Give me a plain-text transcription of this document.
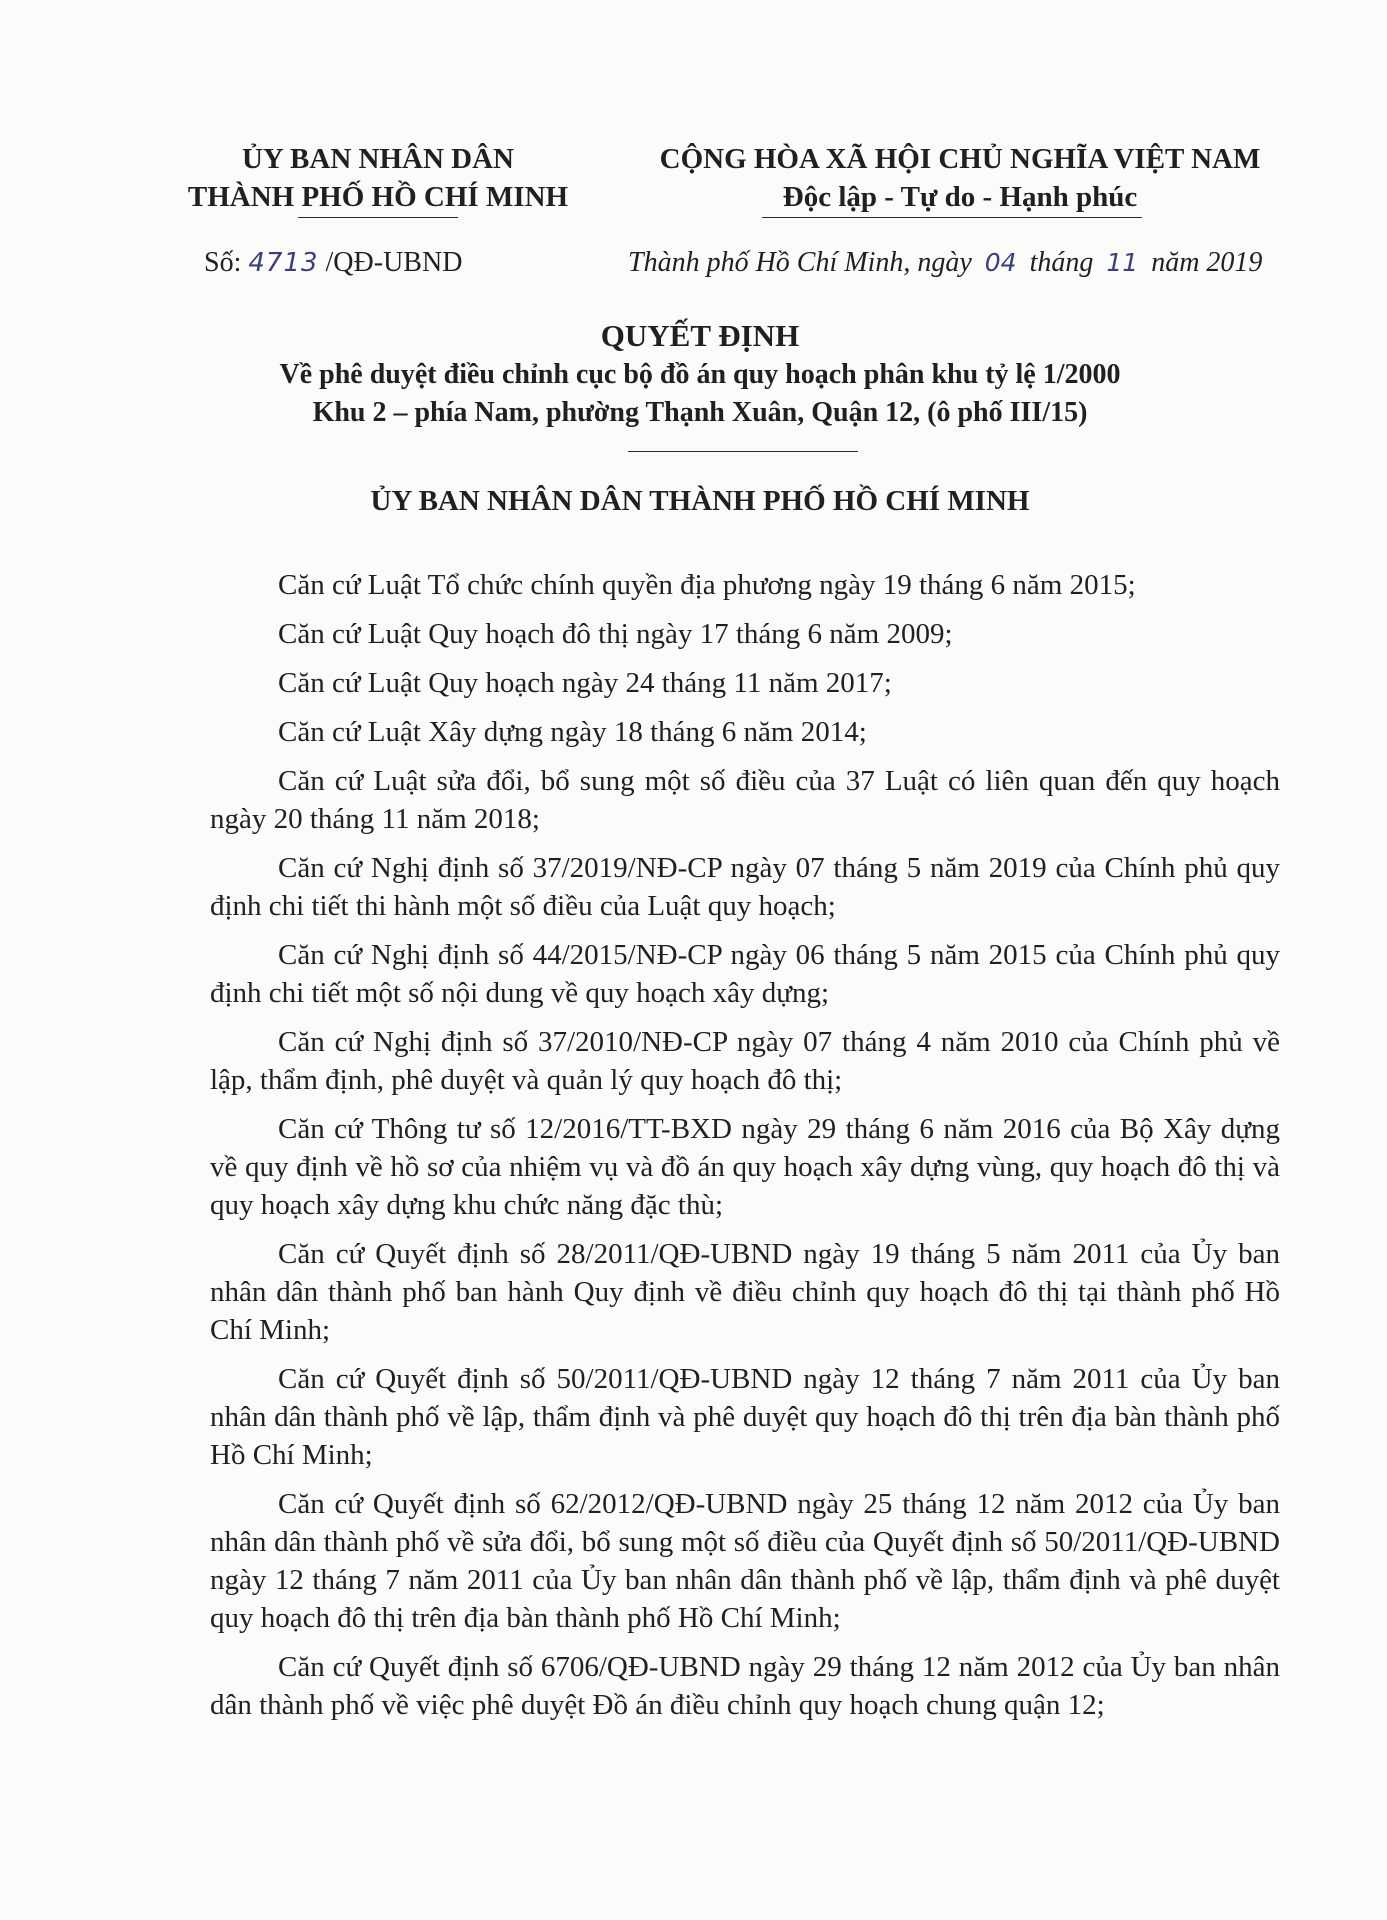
ỦY BAN NHÂN DÂN
THÀNH PHỐ HỒ CHÍ MINH
CỘNG HÒA XÃ HỘI CHỦ NGHĨA VIỆT NAM
Độc lập - Tự do - Hạnh phúc
Số: 4713 /QĐ-UBND	Thành phố Hồ Chí Minh, ngày 04 tháng 11 năm 2019
QUYẾT ĐỊNH
Về phê duyệt điều chỉnh cục bộ đồ án quy hoạch phân khu tỷ lệ 1/2000
Khu 2 – phía Nam, phường Thạnh Xuân, Quận 12, (ô phố III/15)
ỦY BAN NHÂN DÂN THÀNH PHỐ HỒ CHÍ MINH

Căn cứ Luật Tổ chức chính quyền địa phương ngày 19 tháng 6 năm 2015;

Căn cứ Luật Quy hoạch đô thị ngày 17 tháng 6 năm 2009;

Căn cứ Luật Quy hoạch ngày 24 tháng 11 năm 2017;

Căn cứ Luật Xây dựng ngày 18 tháng 6 năm 2014;

Căn cứ Luật sửa đổi, bổ sung một số điều của 37 Luật có liên quan đến quy hoạch ngày 20 tháng 11 năm 2018;

Căn cứ Nghị định số 37/2019/NĐ-CP ngày 07 tháng 5 năm 2019 của Chính phủ quy định chi tiết thi hành một số điều của Luật quy hoạch;

Căn cứ Nghị định số 44/2015/NĐ-CP ngày 06 tháng 5 năm 2015 của Chính phủ quy định chi tiết một số nội dung về quy hoạch xây dựng;

Căn cứ Nghị định số 37/2010/NĐ-CP ngày 07 tháng 4 năm 2010 của Chính phủ về lập, thẩm định, phê duyệt và quản lý quy hoạch đô thị;

Căn cứ Thông tư số 12/2016/TT-BXD ngày 29 tháng 6 năm 2016 của Bộ Xây dựng về quy định về hồ sơ của nhiệm vụ và đồ án quy hoạch xây dựng vùng, quy hoạch đô thị và quy hoạch xây dựng khu chức năng đặc thù;

Căn cứ Quyết định số 28/2011/QĐ-UBND ngày 19 tháng 5 năm 2011 của Ủy ban nhân dân thành phố ban hành Quy định về điều chỉnh quy hoạch đô thị tại thành phố Hồ Chí Minh;

Căn cứ Quyết định số 50/2011/QĐ-UBND ngày 12 tháng 7 năm 2011 của Ủy ban nhân dân thành phố về lập, thẩm định và phê duyệt quy hoạch đô thị trên địa bàn thành phố Hồ Chí Minh;

Căn cứ Quyết định số 62/2012/QĐ-UBND ngày 25 tháng 12 năm 2012 của Ủy ban nhân dân thành phố về sửa đổi, bổ sung một số điều của Quyết định số 50/2011/QĐ-UBND ngày 12 tháng 7 năm 2011 của Ủy ban nhân dân thành phố về lập, thẩm định và phê duyệt quy hoạch đô thị trên địa bàn thành phố Hồ Chí Minh;

Căn cứ Quyết định số 6706/QĐ-UBND ngày 29 tháng 12 năm 2012 của Ủy ban nhân dân thành phố về việc phê duyệt Đồ án điều chỉnh quy hoạch chung quận 12;
